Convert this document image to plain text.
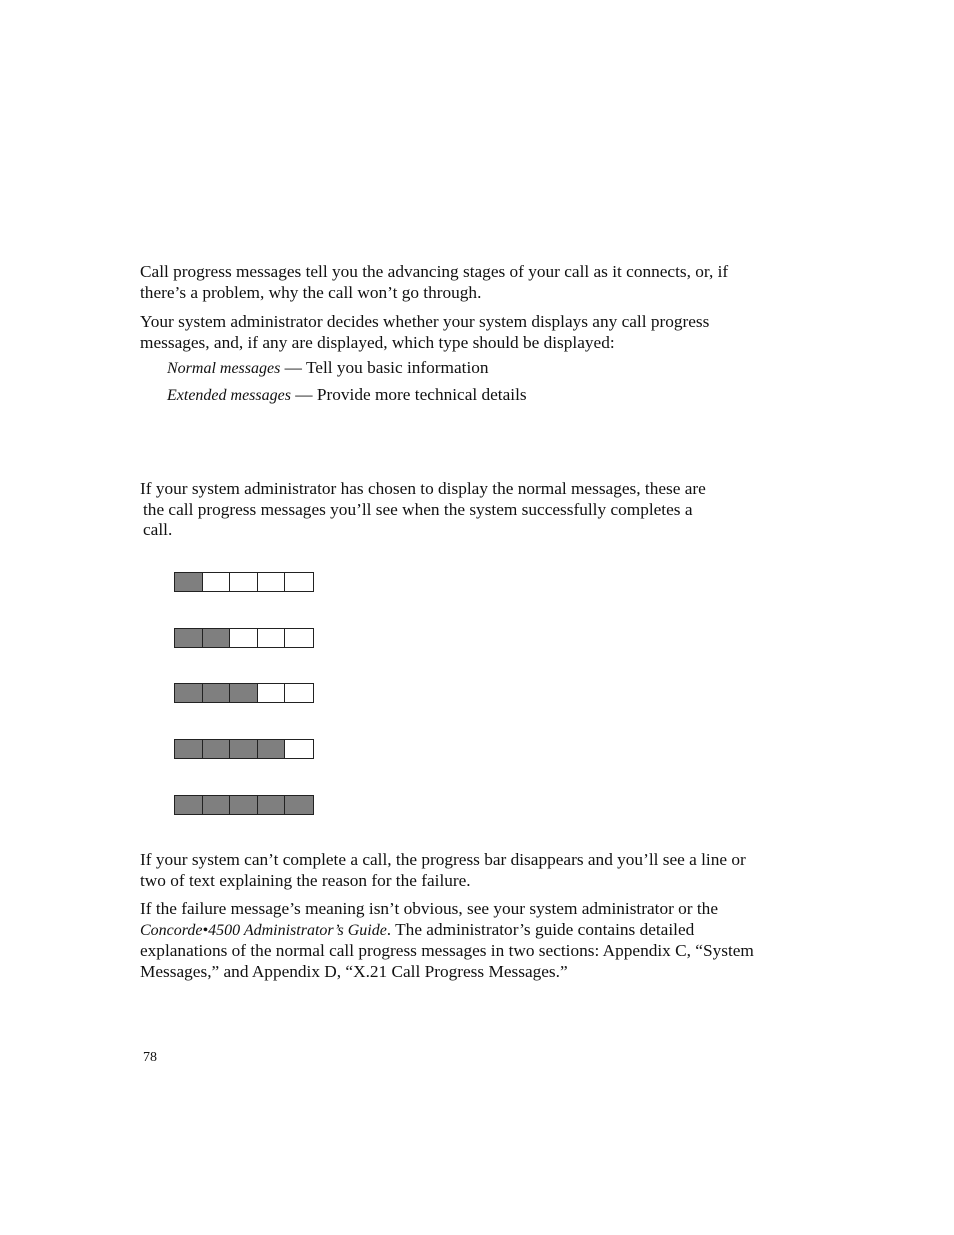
Call progress messages tell you the advancing stages of your call as it connects, or, if there’s a problem, why the call won’t go through.

Your system administrator decides whether your system displays any call progress messages, and, if any are displayed, which type should be displayed:

Normal messages — Tell you basic information

Extended messages — Provide more technical details

If your system administrator has chosen to display the normal messages, these are
the call progress messages you’ll see when the system successfully completes a
call.

If your system can’t complete a call, the progress bar disappears and you’ll see a line or two of text explaining the reason for the failure.

If the failure message’s meaning isn’t obvious, see your system administrator or the Concorde•4500 Administrator’s Guide. The administrator’s guide contains detailed explanations of the normal call progress messages in two sections: Appendix C, “System Messages,” and Appendix D, “X.21 Call Progress Messages.”

78
